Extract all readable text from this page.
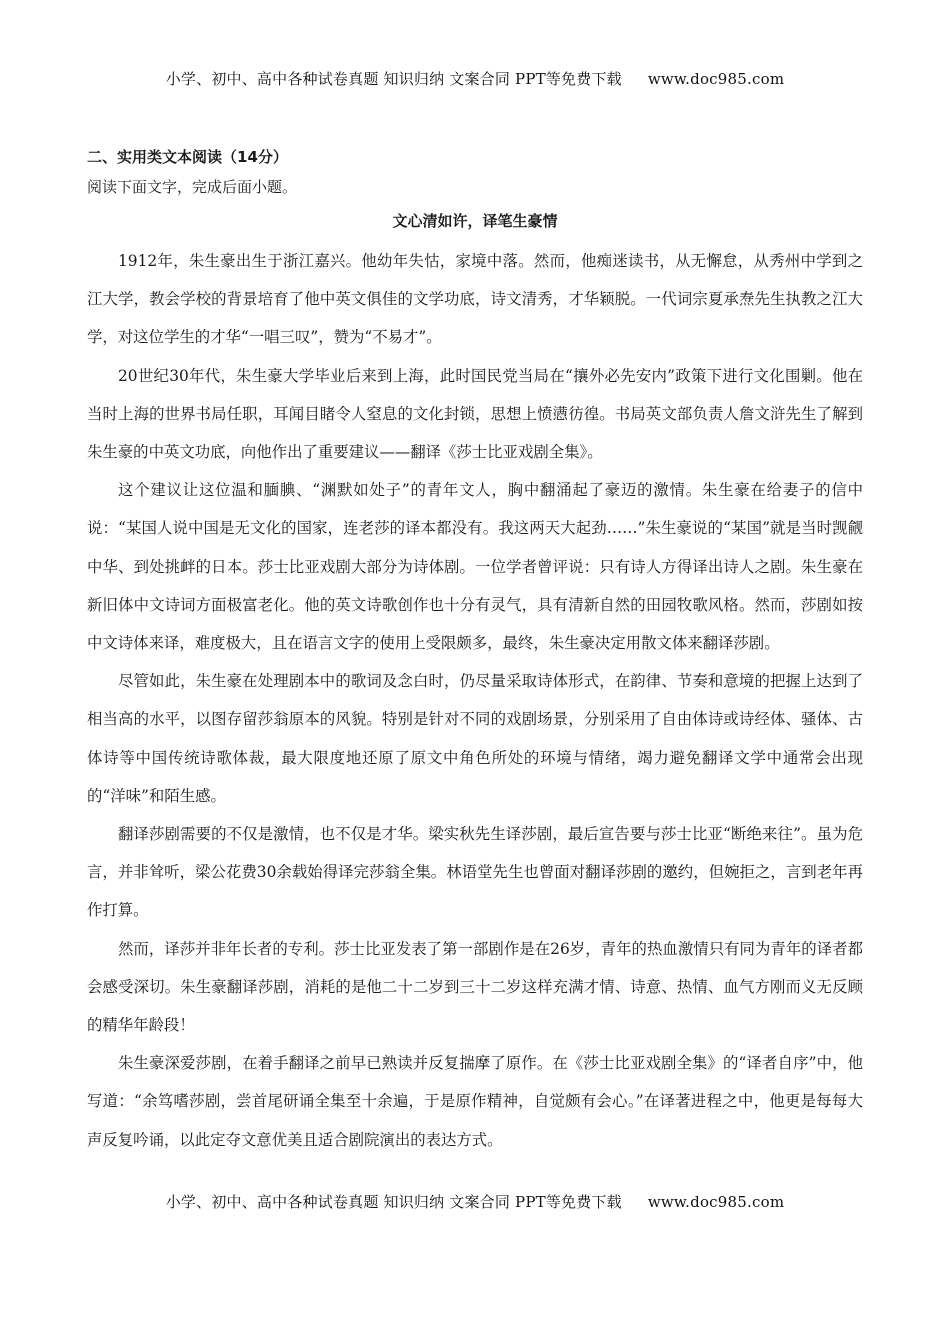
小学、初中、高中各种试卷真题 知识归纳 文案合同 PPT等免费下载 www.doc985.com

二、实用类文本阅读（14分）

阅读下面文字，完成后面小题。

文心清如许，译笔生豪情

1912年，朱生豪出生于浙江嘉兴。他幼年失怙，家境中落。然而，他痴迷读书，从无懈怠，从秀州中学到之江大学，教会学校的背景培育了他中英文俱佳的文学功底，诗文清秀，才华颖脱。一代词宗夏承焘先生执教之江大学，对这位学生的才华“一唱三叹”，赞为“不易才”。

20世纪30年代，朱生豪大学毕业后来到上海，此时国民党当局在“攘外必先安内”政策下进行文化围剿。他在当时上海的世界书局任职，耳闻目睹令人窒息的文化封锁，思想上愤懑彷徨。书局英文部负责人詹文浒先生了解到朱生豪的中英文功底，向他作出了重要建议——翻译《莎士比亚戏剧全集》。

这个建议让这位温和腼腆、“渊默如处子”的青年文人，胸中翻涌起了豪迈的激情。朱生豪在给妻子的信中说：“某国人说中国是无文化的国家，连老莎的译本都没有。我这两天大起劲……”朱生豪说的“某国”就是当时觊觎中华、到处挑衅的日本。莎士比亚戏剧大部分为诗体剧。一位学者曾评说：只有诗人方得译出诗人之剧。朱生豪在新旧体中文诗词方面极富老化。他的英文诗歌创作也十分有灵气，具有清新自然的田园牧歌风格。然而，莎剧如按中文诗体来译，难度极大，且在语言文字的使用上受限颇多，最终，朱生豪决定用散文体来翻译莎剧。

尽管如此，朱生豪在处理剧本中的歌词及念白时，仍尽量采取诗体形式，在韵律、节奏和意境的把握上达到了相当高的水平，以图存留莎翁原本的风貌。特别是针对不同的戏剧场景，分别采用了自由体诗或诗经体、骚体、古体诗等中国传统诗歌体裁，最大限度地还原了原文中角色所处的环境与情绪，竭力避免翻译文学中通常会出现的“洋味”和陌生感。

翻译莎剧需要的不仅是激情，也不仅是才华。梁实秋先生译莎剧，最后宣告要与莎士比亚“断绝来往”。虽为危言，并非耸听，梁公花费30余载始得译完莎翁全集。林语堂先生也曾面对翻译莎剧的邀约，但婉拒之，言到老年再作打算。

然而，译莎并非年长者的专利。莎士比亚发表了第一部剧作是在26岁，青年的热血激情只有同为青年的译者都会感受深切。朱生豪翻译莎剧，消耗的是他二十二岁到三十二岁这样充满才情、诗意、热情、血气方刚而义无反顾的精华年龄段！

朱生豪深爱莎剧，在着手翻译之前早已熟读并反复揣摩了原作。在《莎士比亚戏剧全集》的“译者自序”中，他写道：“余笃嗜莎剧，尝首尾研诵全集至十余遍，于是原作精神，自觉颇有会心。”在译著进程之中，他更是每每大声反复吟诵，以此定夺文意优美且适合剧院演出的表达方式。

小学、初中、高中各种试卷真题 知识归纳 文案合同 PPT等免费下载 www.doc985.com
